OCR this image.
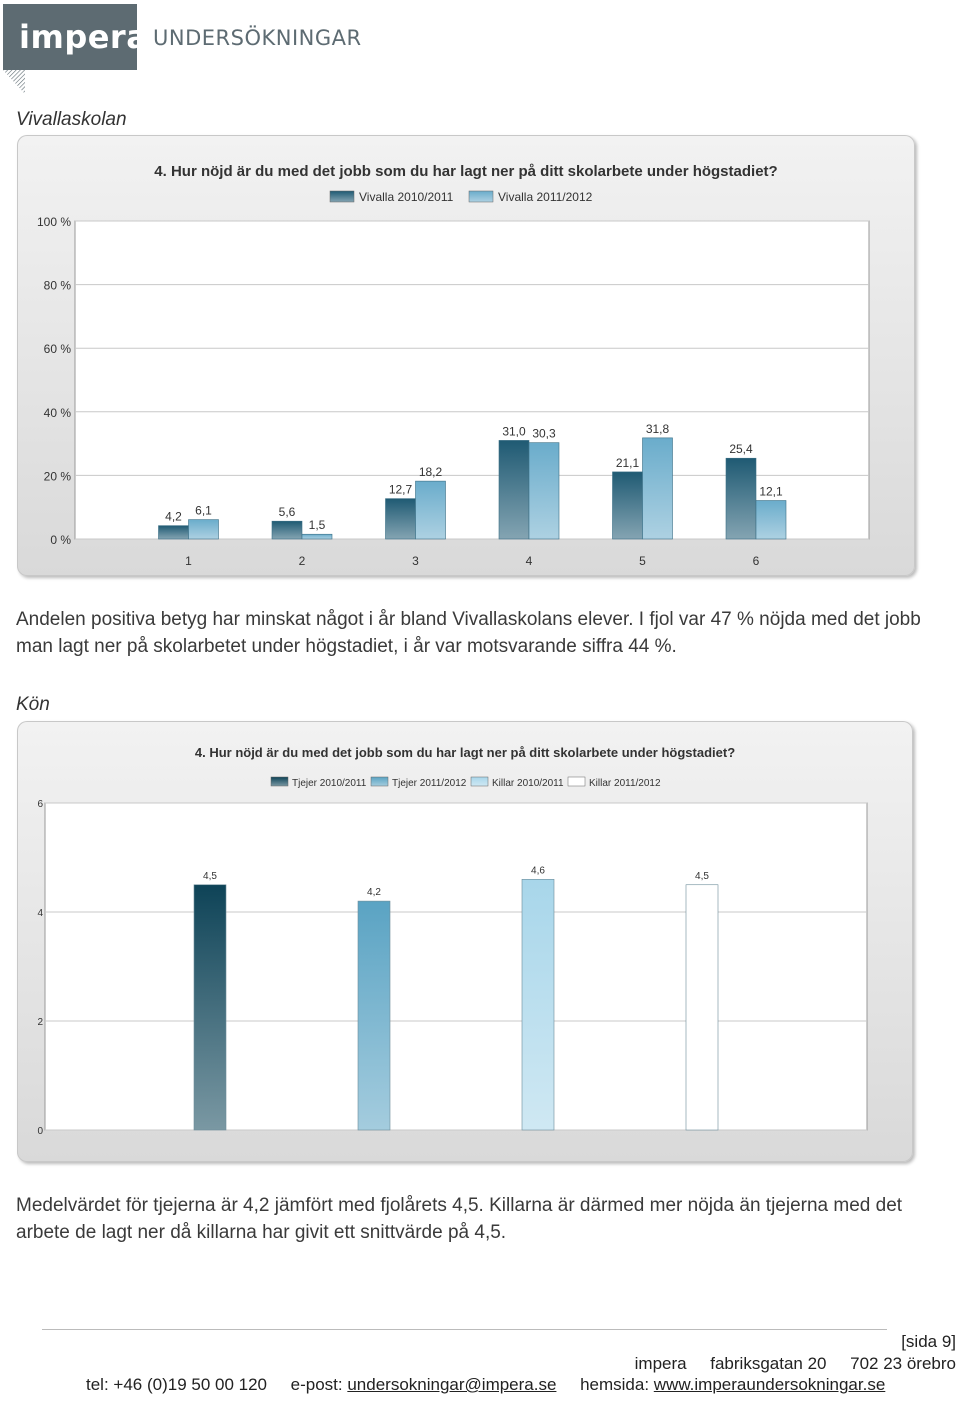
impera UNDERSÖKNINGAR
Vivallaskolan
4. Hur nöjd är du med det jobb som du har lagt ner på ditt skolarbete under högstadiet?
Vivalla 2010/2011	Vivalla 2011/2012
0 %
20 %
40 %
60 %
80 %
100 %
1
4,2 6,1
2
5,6
1,5
3
12,7
18,2
4
31,0 30,3
5
21,1
31,8
6
25,4
12,1
Andelen positiva betyg har minskat något i år bland Vivallaskolans elever. I fjol var 47 % nöjda med det jobb man lagt ner på skolarbetet under högstadiet, i år var motsvarande siffra 44 %.
Kön
4. Hur nöjd är du med det jobb som du har lagt ner på ditt skolarbete under högstadiet?
Tjejer 2010/2011	Tjejer 2011/2012	Killar 2010/2011	Killar 2011/2012
0
2
4
6
4,5
4,2
4,6	4,5
Medelvärdet för tjejerna är 4,2 jämfört med fjolårets 4,5. Killarna är därmed mer nöjda än tjejerna med det arbete de lagt ner då killarna har givit ett snittvärde på 4,5.
[sida 9]
impera fabriksgatan 20 702 23 örebro
tel: +46 (0)19 50 00 120 e-post: undersokningar@impera.se hemsida: www.imperaundersokningar.se
